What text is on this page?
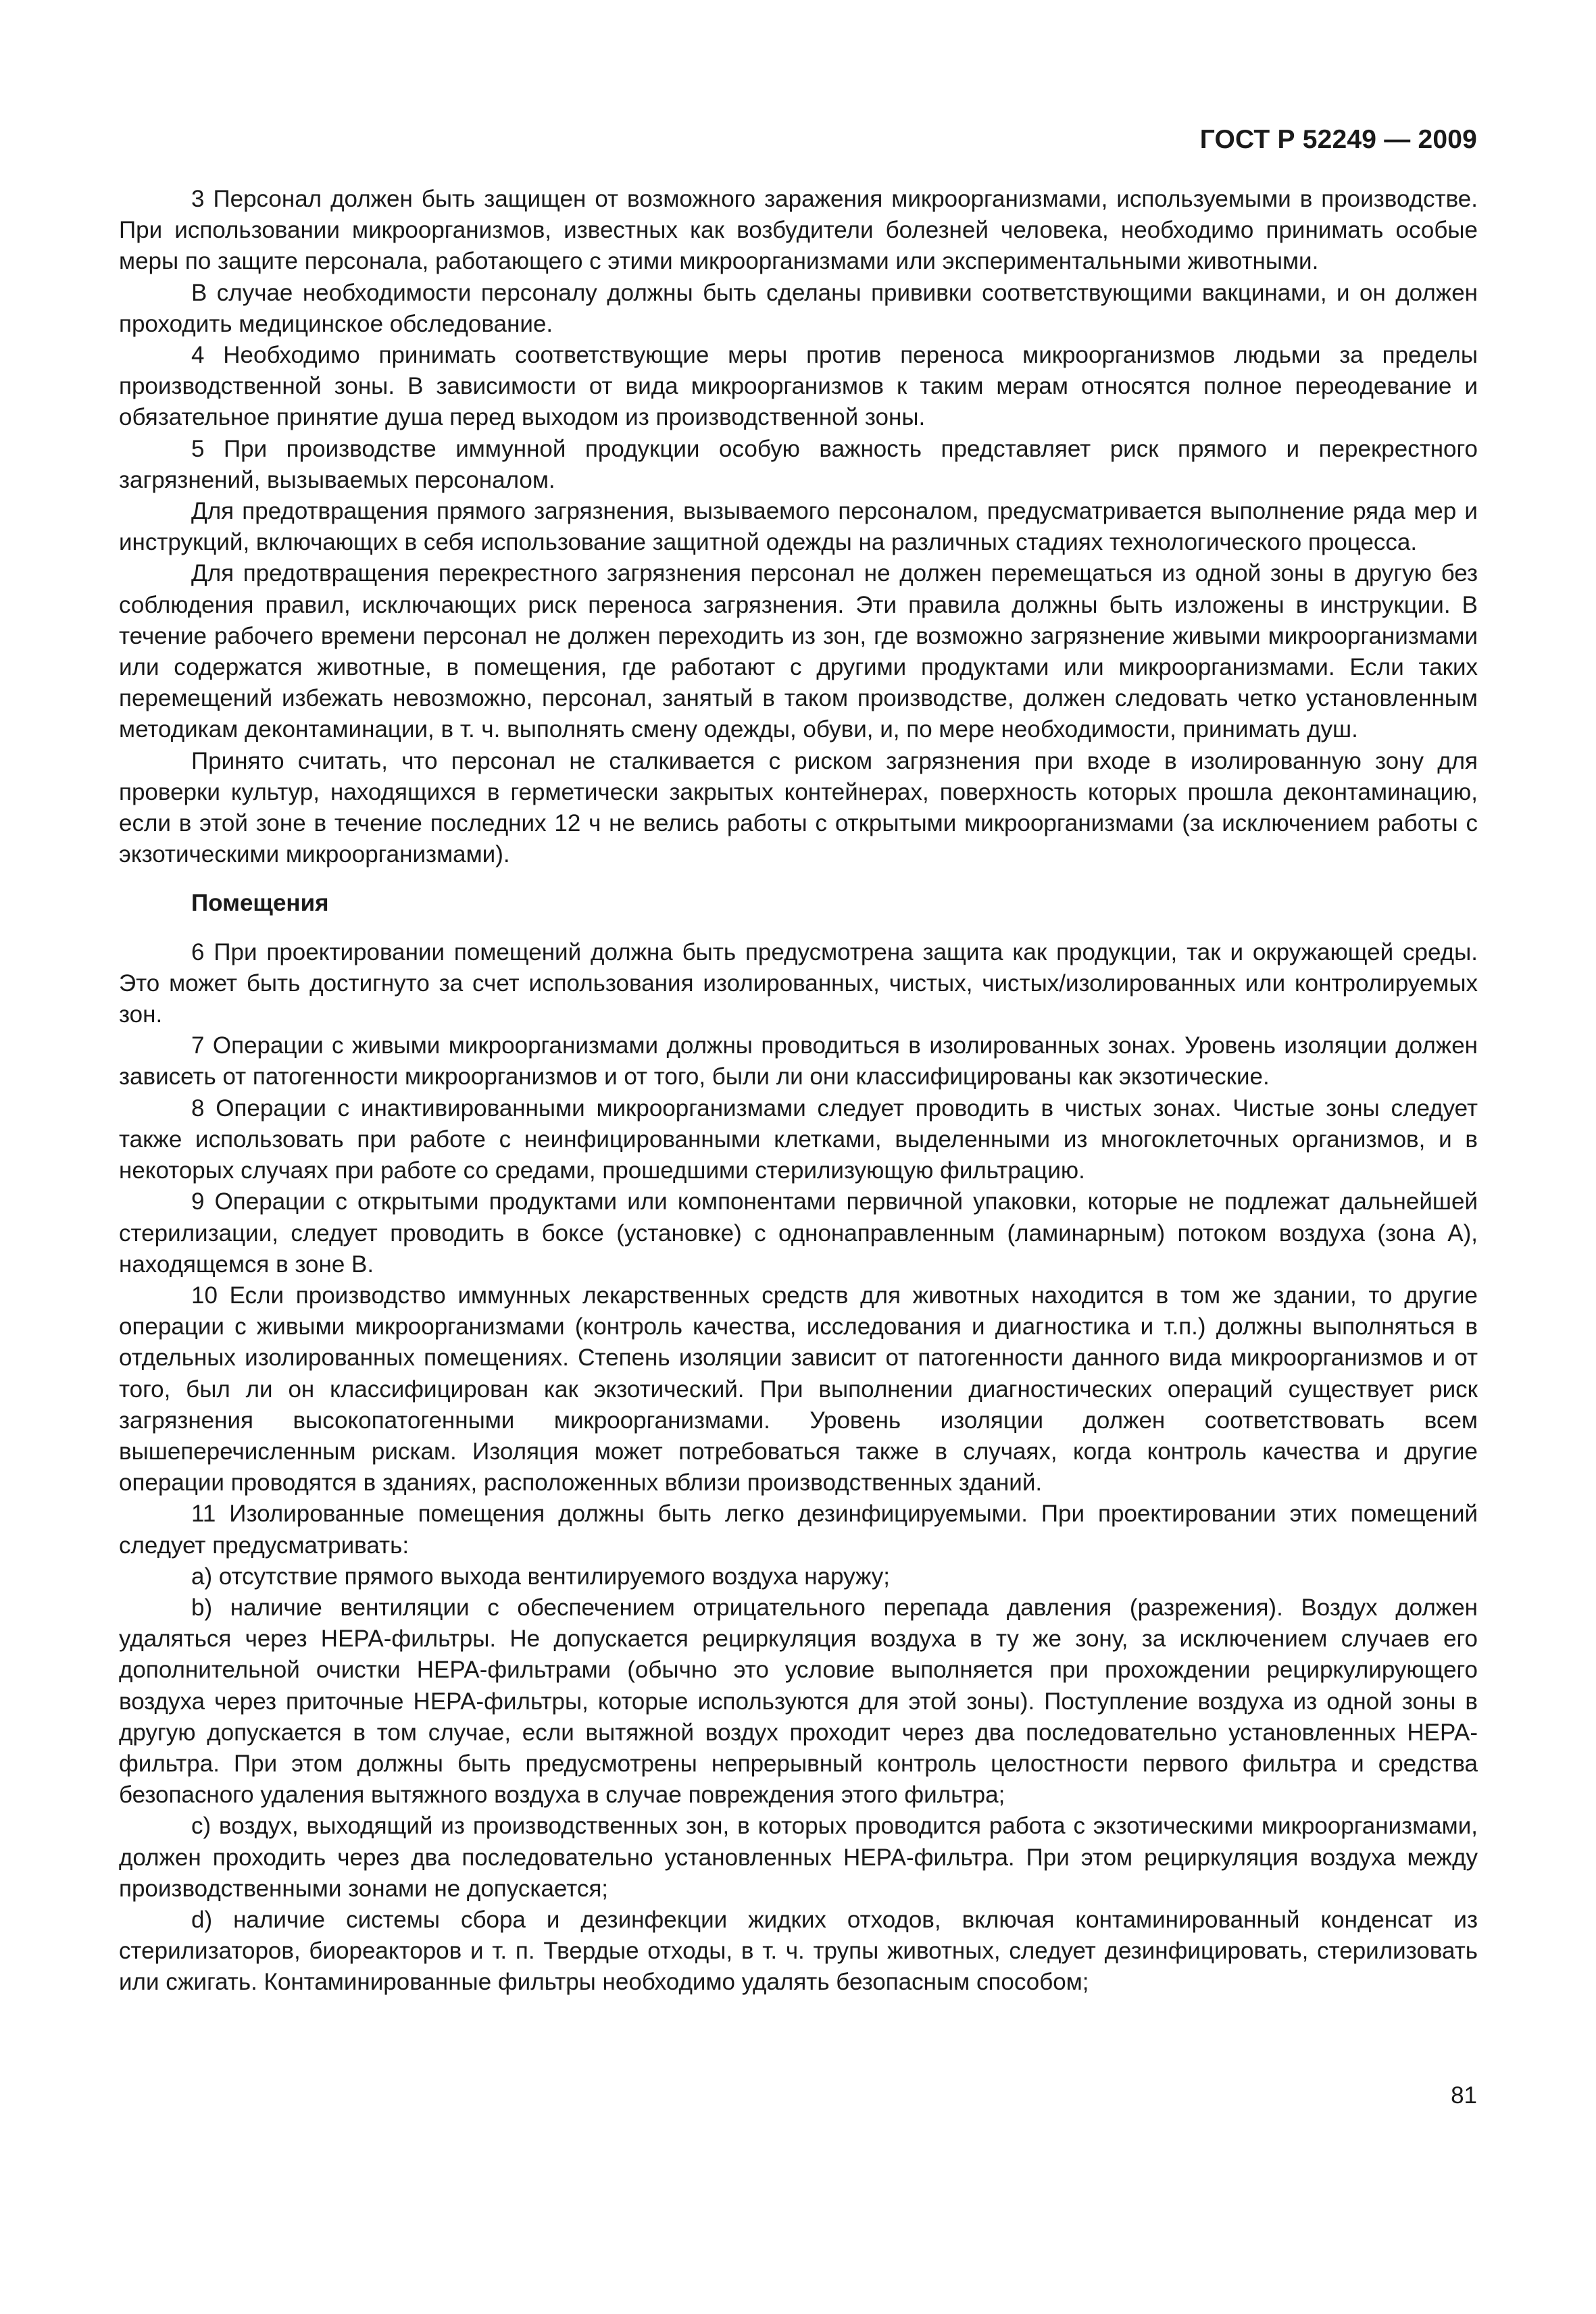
ГОСТ Р 52249 — 2009

3 Персонал должен быть защищен от возможного заражения микроорганизмами, используемыми в производстве. При использовании микроорганизмов, известных как возбудители болезней человека, необходимо принимать особые меры по защите персонала, работающего с этими микроорганизмами или экспериментальными животными.

В случае необходимости персоналу должны быть сделаны прививки соответствующими вакцинами, и он должен проходить медицинское обследование.

4 Необходимо принимать соответствующие меры против переноса микроорганизмов людьми за пределы производственной зоны. В зависимости от вида микроорганизмов к таким мерам относятся полное переодевание и обязательное принятие душа перед выходом из производственной зоны.

5 При производстве иммунной продукции особую важность представляет риск прямого и перекрестного загрязнений, вызываемых персоналом.

Для предотвращения прямого загрязнения, вызываемого персоналом, предусматривается выполнение ряда мер и инструкций, включающих в себя использование защитной одежды на различных стадиях технологического процесса.

Для предотвращения перекрестного загрязнения персонал не должен перемещаться из одной зоны в другую без соблюдения правил, исключающих риск переноса загрязнения. Эти правила должны быть изложены в инструкции. В течение рабочего времени персонал не должен переходить из зон, где возможно загрязнение живыми микроорганизмами или содержатся животные, в помещения, где работают с другими продуктами или микроорганизмами. Если таких перемещений избежать невозможно, персонал, занятый в таком производстве, должен следовать четко установленным методикам деконтаминации, в т. ч. выполнять смену одежды, обуви, и, по мере необходимости, принимать душ.

Принято считать, что персонал не сталкивается с риском загрязнения при входе в изолированную зону для проверки культур, находящихся в герметически закрытых контейнерах, поверхность которых прошла деконтаминацию, если в этой зоне в течение последних 12 ч не велись работы с открытыми микроорганизмами (за исключением работы с экзотическими микроорганизмами).

Помещения

6 При проектировании помещений должна быть предусмотрена защита как продукции, так и окружающей среды. Это может быть достигнуто за счет использования изолированных, чистых, чистых/изолированных или контролируемых зон.

7 Операции с живыми микроорганизмами должны проводиться в изолированных зонах. Уровень изоляции должен зависеть от патогенности микроорганизмов и от того, были ли они классифицированы как экзотические.

8 Операции с инактивированными микроорганизмами следует проводить в чистых зонах. Чистые зоны следует также использовать при работе с неинфицированными клетками, выделенными из многоклеточных организмов, и в некоторых случаях при работе со средами, прошедшими стерилизующую фильтрацию.

9 Операции с открытыми продуктами или компонентами первичной упаковки, которые не подлежат дальнейшей стерилизации, следует проводить в боксе (установке) с однонаправленным (ламинарным) потоком воздуха (зона А), находящемся в зоне В.

10 Если производство иммунных лекарственных средств для животных находится в том же здании, то другие операции с живыми микроорганизмами (контроль качества, исследования и диагностика и т.п.) должны выполняться в отдельных изолированных помещениях. Степень изоляции зависит от патогенности данного вида микроорганизмов и от того, был ли он классифицирован как экзотический. При выполнении диагностических операций существует риск загрязнения высокопатогенными микроорганизмами. Уровень изоляции должен соответствовать всем вышеперечисленным рискам. Изоляция может потребоваться также в случаях, когда контроль качества и другие операции проводятся в зданиях, расположенных вблизи производственных зданий.

11 Изолированные помещения должны быть легко дезинфицируемыми. При проектировании этих помещений следует предусматривать:

a) отсутствие прямого выхода вентилируемого воздуха наружу;

b) наличие вентиляции с обеспечением отрицательного перепада давления (разрежения). Воздух должен удаляться через НЕРА-фильтры. Не допускается рециркуляция воздуха в ту же зону, за исключением случаев его дополнительной очистки НЕРА-фильтрами (обычно это условие выполняется при прохождении рециркулирующего воздуха через приточные НЕРА-фильтры, которые используются для этой зоны). Поступление воздуха из одной зоны в другую допускается в том случае, если вытяжной воздух проходит через два последовательно установленных НЕРА-фильтра. При этом должны быть предусмотрены непрерывный контроль целостности первого фильтра и средства безопасного удаления вытяжного воздуха в случае повреждения этого фильтра;

c) воздух, выходящий из производственных зон, в которых проводится работа с экзотическими микроорганизмами, должен проходить через два последовательно установленных НЕРА-фильтра. При этом рециркуляция воздуха между производственными зонами не допускается;

d) наличие системы сбора и дезинфекции жидких отходов, включая контаминированный конденсат из стерилизаторов, биореакторов и т. п. Твердые отходы, в т. ч. трупы животных, следует дезинфицировать, стерилизовать или сжигать. Контаминированные фильтры необходимо удалять безопасным способом;

81
